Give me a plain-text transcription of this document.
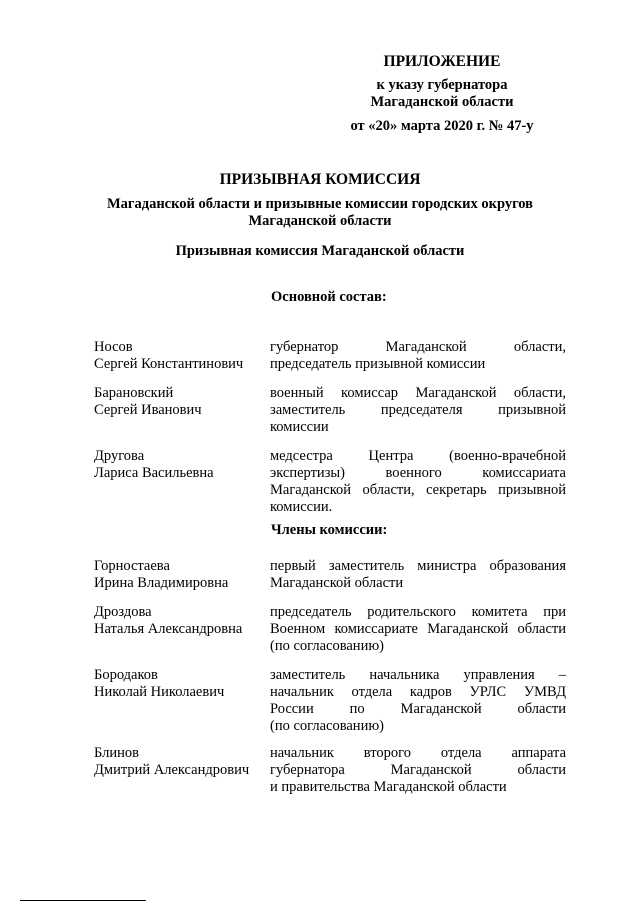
ПРИЛОЖЕНИЕ
к указу губернатора
Магаданской области
от «20» марта 2020 г. № 47-у
ПРИЗЫВНАЯ КОМИССИЯ
Магаданской области и призывные комиссии городских округов
Магаданской области
Призывная комиссия Магаданской области
Основной состав:
Носов
Сергей Константинович
губернатор Магаданской области,
председатель призывной комиссии
Барановский
Сергей Иванович
военный комиссар Магаданской области,
заместитель председателя призывной
комиссии
Другова
Лариса Васильевна
медсестра Центра (военно-врачебной
экспертизы) военного комиссариата
Магаданской области, секретарь призывной
комиссии.
Члены комиссии:
Горностаева
Ирина Владимировна
первый заместитель министра образования
Магаданской области
Дроздова
Наталья Александровна
председатель родительского комитета при
Военном комиссариате Магаданской области
(по согласованию)
Бородаков
Николай Николаевич
заместитель начальника управления –
начальник отдела кадров УРЛС УМВД
России по Магаданской области
(по согласованию)
Блинов
Дмитрий Александрович
начальник второго отдела аппарата
губернатора Магаданской области
и правительства Магаданской области
